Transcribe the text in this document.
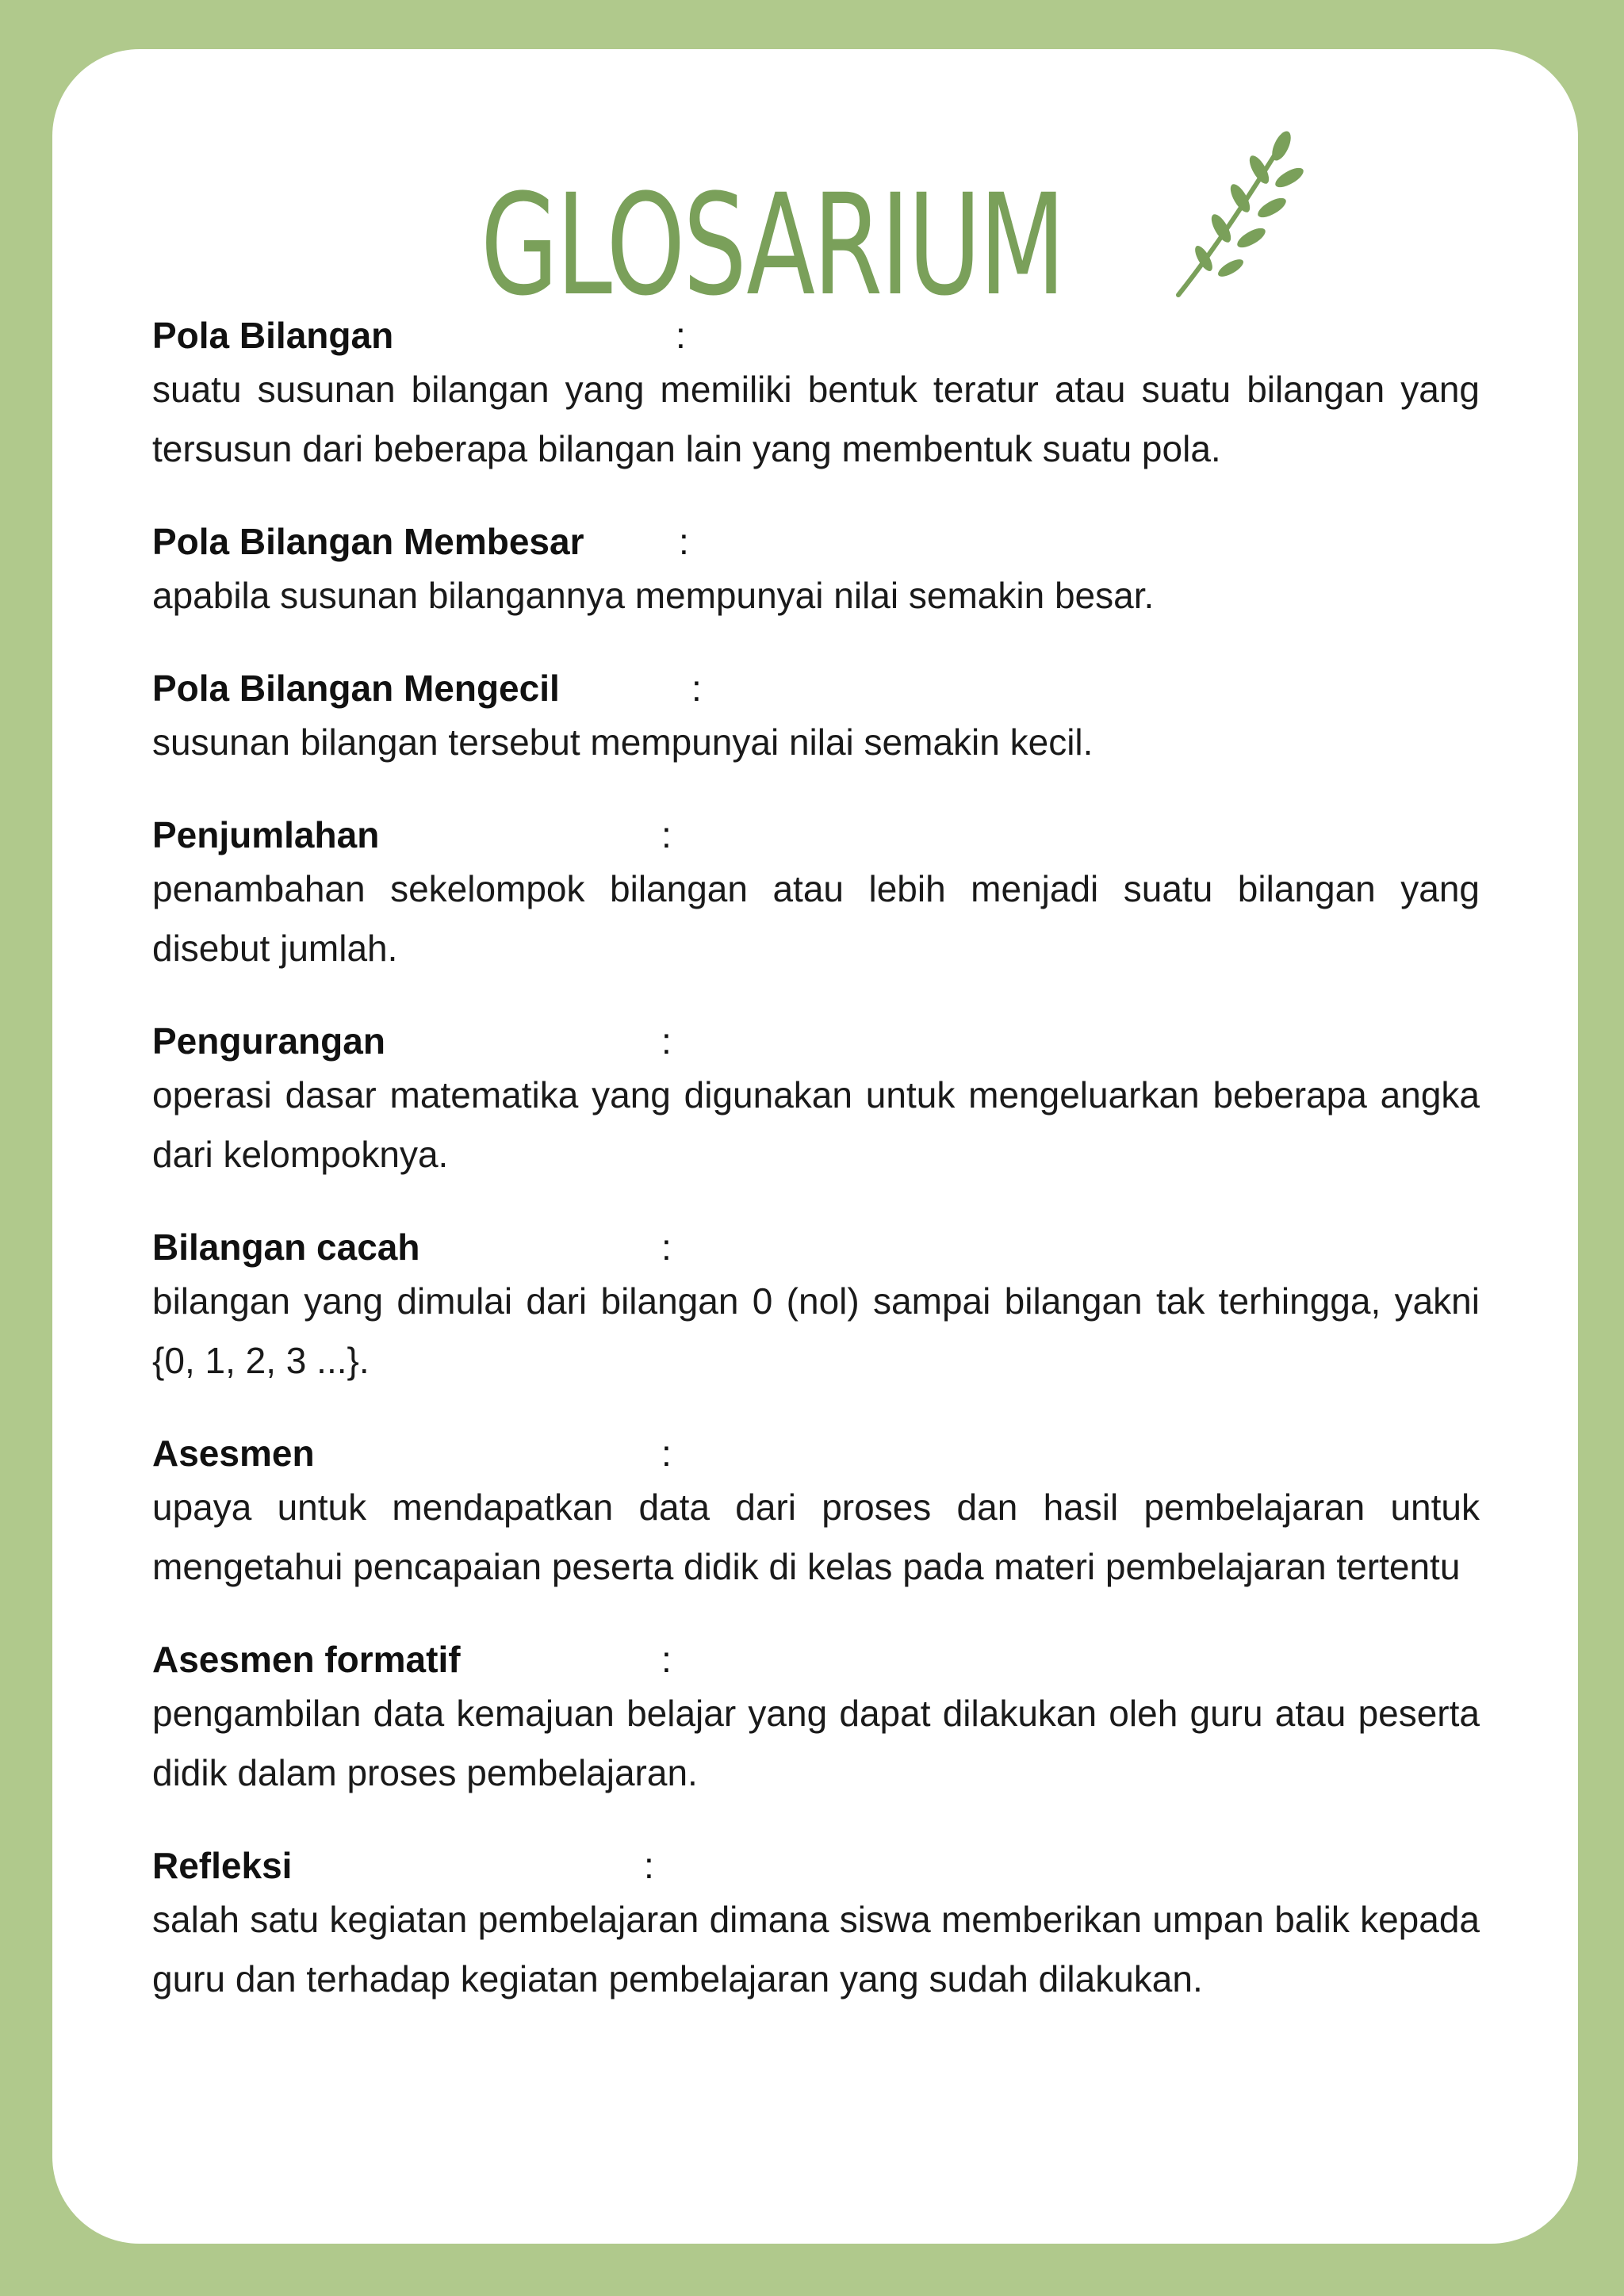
GLOSARIUM
Pola Bilangan	:

suatu susunan bilangan yang memiliki bentuk teratur atau suatu bilangan yang tersusun dari beberapa bilangan lain yang membentuk suatu pola.

Pola Bilangan Membesar	:

apabila susunan bilangannya mempunyai nilai semakin besar.

Pola Bilangan Mengecil	:

susunan bilangan tersebut mempunyai nilai semakin kecil.

Penjumlahan	:

penambahan sekelompok bilangan atau lebih menjadi suatu bilangan yang disebut jumlah.

Pengurangan	:

operasi dasar matematika yang digunakan untuk mengeluarkan beberapa angka dari kelompoknya.

Bilangan cacah	:

bilangan yang dimulai dari bilangan 0 (nol) sampai bilangan tak terhingga, yakni {0, 1, 2, 3 ...}.

Asesmen	:

upaya untuk mendapatkan data dari proses dan hasil pembelajaran untuk mengetahui pencapaian peserta didik di kelas pada materi pembelajaran tertentu

Asesmen formatif	:

pengambilan data kemajuan belajar yang dapat dilakukan oleh guru atau peserta didik dalam proses pembelajaran.

Refleksi	:

salah satu kegiatan pembelajaran dimana siswa memberikan umpan balik kepada guru dan terhadap kegiatan pembelajaran yang sudah dilakukan.
